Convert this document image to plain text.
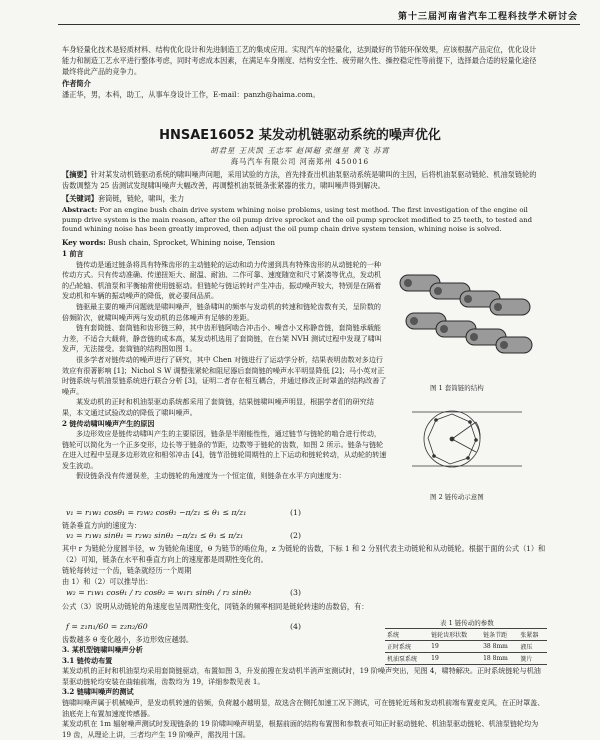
第十三届河南省汽车工程科技学术研讨会
车身轻量化技术是轻质材料、结构优化设计和先进制造工艺的集成应用。实现汽车的轻量化，达到最好的节能环保效果，应该根据产品定位，优化设计能力和制造工艺水平进行整体考虑，同时考虑成本因素，在满足车身刚度、结构安全性、疲劳耐久性、操控稳定性等前提下，选择最合适的轻量化途径 最终将此产品的竞争力。
作者简介
潘正华，男，本科，助工，从事车身设计工作，E-mail：panzh@haima.com。
HNSAE16052 某发动机链驱动系统的噪声优化
胡君星 王庆凯 王志军 赵国超 张继星 黄飞 苏霄
海马汽车有限公司 河南郑州 450016
【摘要】针对某发动机链驱动系统的啸叫噪声问题，采用试验的方法，首先排查出机油泵驱动系统是啸叫的主因，后将机油泵驱动链轮、机油泵链轮的齿数调整为 25 齿测试发现啸叫噪声大幅改善，再调整机油泵链条张紧器的张力，啸叫噪声得到解决。
【关键词】套筒链，链轮，啸叫，张力
Abstract: For an engine bush chain drive system whining noise problems, using test method. The first investigation of the engine oil pump drive system is the main reason, after the oil pump drive sprocket and the oil pump sprocket modified to 25 teeth, to tested and found whining noise has been greatly improved, then adjust the oil pump chain drive system tension, whining noise is solved.
Key words: Bush chain, Sprocket, Whining noise, Tension
1 前言

链传动是通过链条将具有特殊齿形的主动链轮的运动和动力传递到具有特殊齿形的从动链轮的一种传动方式。只有传动准确、传递扭矩大、耐温、耐油、二作可靠、速度随宽和尺寸紧凑等优点，发动机的凸轮轴、机油泵和平衡轴常使用链驱动。但链轮与链运转时产生冲击，振动噪声较大，特别是在隔着发动机和车辆的振动噪声的降低，就必要间品质。

链驱最主要的噪声问题就是啸叫噪声，链条啸叫的频率与发动机的转速和链轮齿数有关，呈阶数的倍频阶次，就啸叫噪声两与发动机的总体噪声有足够的差距。

链有套筒链、套筒链和齿形链三种，其中齿形链阿啮合冲击小、噪音小又称静音链，套筒链承载能力差，不适合大载荷，静音链的成本高，某发动机选用了套筒链，在台架 NVH 测试过程中发现了啸叫发声，无法接受。套筒链的结构图如图 1。

很多学者对链传动的噪声进行了研究，其中 Chen 对链进行了运动学分析，结果表明齿数对多边行效应有很著影响 [1]；Nichol S W 调整张紧轮和阻尼器后套筒链的噪声水平明显降低 [2]；马小英对正时链系统与机油泵链系统进行联合分析 [3]，证明二者存在相互耦合，并通过修改正时罩盖的结构改善了噪声。

某发动机的正时和机油泵驱动系统都采用了套筒链，结果链啸叫噪声明显，根据学者们的研究结果，本文通过试验改动的降低了啸叫噪声。

2 链传动啸叫噪声产生的原因

多边形效应是链传动啸叫产生的主要原因，链条是半刚能性性，通过链节与链轮的啮合进行传动，链轮可以简化为一个正多变形，边长等于链条的节距，边数等于链轮的齿数，如图 2 所示。链条与链轮在进入过程中呈现多边形效应和相邻冲击 [4]，链节沿链轮周期性的上下运动和链轮转动，从动轮的转速发生波动。

假设链条没有传递误差，主动链轮的角速度为一个恒定值，则链条在水平方向速度为：

v₁ = r₁w₁ cosθ₁ = r₂w₂ cosθ₂ −π/z₁ ≤ θ₁ ≤ π/z₁	(1)
链条垂直方向的速度为：
v₂ = r₁w₁ sinθ₁ = r₂w₂ sinθ₂ −π/z₁ ≤ θ₁ ≤ π/z₁	(2)
其中 r 为链轮分度圆半径，w 为链轮角速度，θ 为链节的啮位角，z 为链轮的齿数，下标 1 和 2 分别代表主动链轮和从动链轮。根据于面的公式（1）和（2）可知，链条在水平和垂直方向上的速度都是周期性变化的。
链轮每转过一个齿，链条就经历一个周期
由 1）和（2）可以推导出：
w₂ = r₁w₁ cosθ₁ / r₂ cosθ₂ = w₁r₁ sinθ₁ / r₂ sinθ₂	(3)
公式（3）说明从动链轮的角速度也呈周期性变化，同链条的频率相同是链轮转速的齿数倍，有：
f = z₁n₁/60 = z₂n₂/60	(4)
齿数越多 θ 变化越小，多边形效应越弱。
图 1 套筒链的结构
图 2 链传动示意图
表 1 链传动的参数
系统	链轮齿形状数	链条节距	张紧器
正时系统	19	38 8mm	液压
机油泵系统	19	18 8mm	簧片
3. 某机型链啸叫噪声分析
3.1 链传动布置

某发动机的正时和机油泵均采用套筒链驱动，布置如图 3，升发前搜在发动机半消声室测试时，19 阶噪声突出，见图 4，啸特解决。正时系统链轮与机油泵驱动链轮均安装在曲轴前端，齿数均为 19，详细参数见表 1。

3.2 链啸叫噪声的测试

链啸叫噪声属于机械噪声，是发动机转速的倍频，负荷越小越明显，故选含在侧托加速工况下测试，可在链轮近场和发动机前端布置麦克风，在正时罩盖、油底壳上布置加速度传感器。

某发动机在 1m 辐射噪声测试时发现链条的 19 阶啸叫噪声明显，根据前面的结构布置图和参数表可知正时驱动链轮、机油泵驱动链轮、机油泵链轮均为 19 齿，从理论上讲，三者均产生 19 阶噪声，需找用十国。
